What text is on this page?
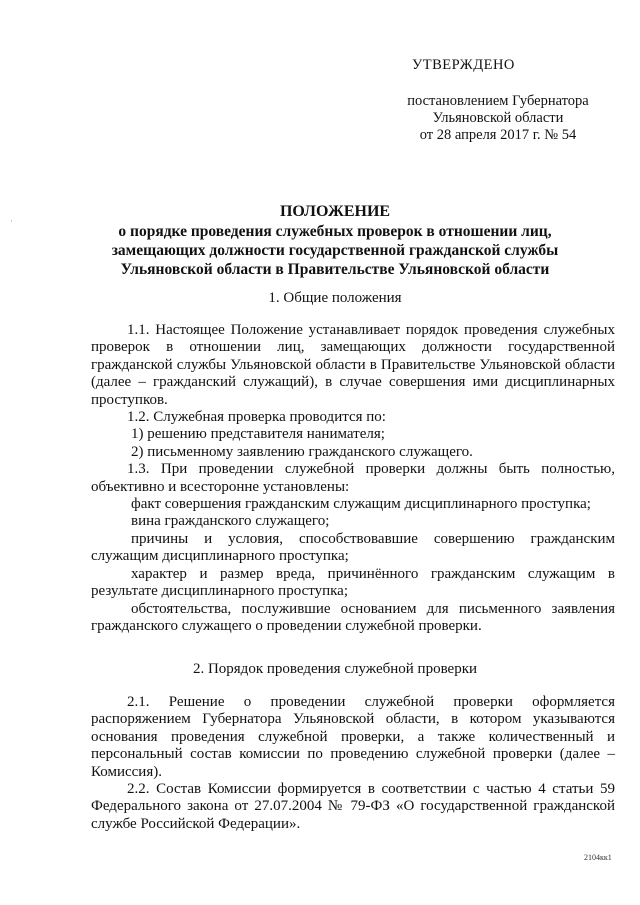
УТВЕРЖДЕНО
постановлением Губернатора
Ульяновской области
от 28 апреля 2017 г. № 54
·
ПОЛОЖЕНИЕ
о порядке проведения служебных проверок в отношении лиц,
замещающих должности государственной гражданской службы
Ульяновской области в Правительстве Ульяновской области
1. Общие положения

1.1. Настоящее Положение устанавливает порядок проведения служебных проверок в отношении лиц, замещающих должности государственной гражданской службы Ульяновской области в Правительстве Ульяновской области (далее – гражданский служащий), в случае совершения ими дисциплинарных проступков.

1.2. Служебная проверка проводится по:

1) решению представителя нанимателя;

2) письменному заявлению гражданского служащего.

1.3. При проведении служебной проверки должны быть полностью, объективно и всесторонне установлены:

факт совершения гражданским служащим дисциплинарного проступка;

вина гражданского служащего;

причины и условия, способствовавшие совершению гражданским служащим дисциплинарного проступка;

характер и размер вреда, причинённого гражданским служащим в результате дисциплинарного проступка;

обстоятельства, послужившие основанием для письменного заявления гражданского служащего о проведении служебной проверки.

2. Порядок проведения служебной проверки

2.1. Решение о проведении служебной проверки оформляется распоряжением Губернатора Ульяновской области, в котором указываются основания проведения служебной проверки, а также количественный и персональный состав комиссии по проведению служебной проверки (далее – Комиссия).

2.2. Состав Комиссии формируется в соответствии с частью 4 статьи 59 Федерального закона от 27.07.2004 № 79-ФЗ «О государственной гражданской службе Российской Федерации».

2104кк1
